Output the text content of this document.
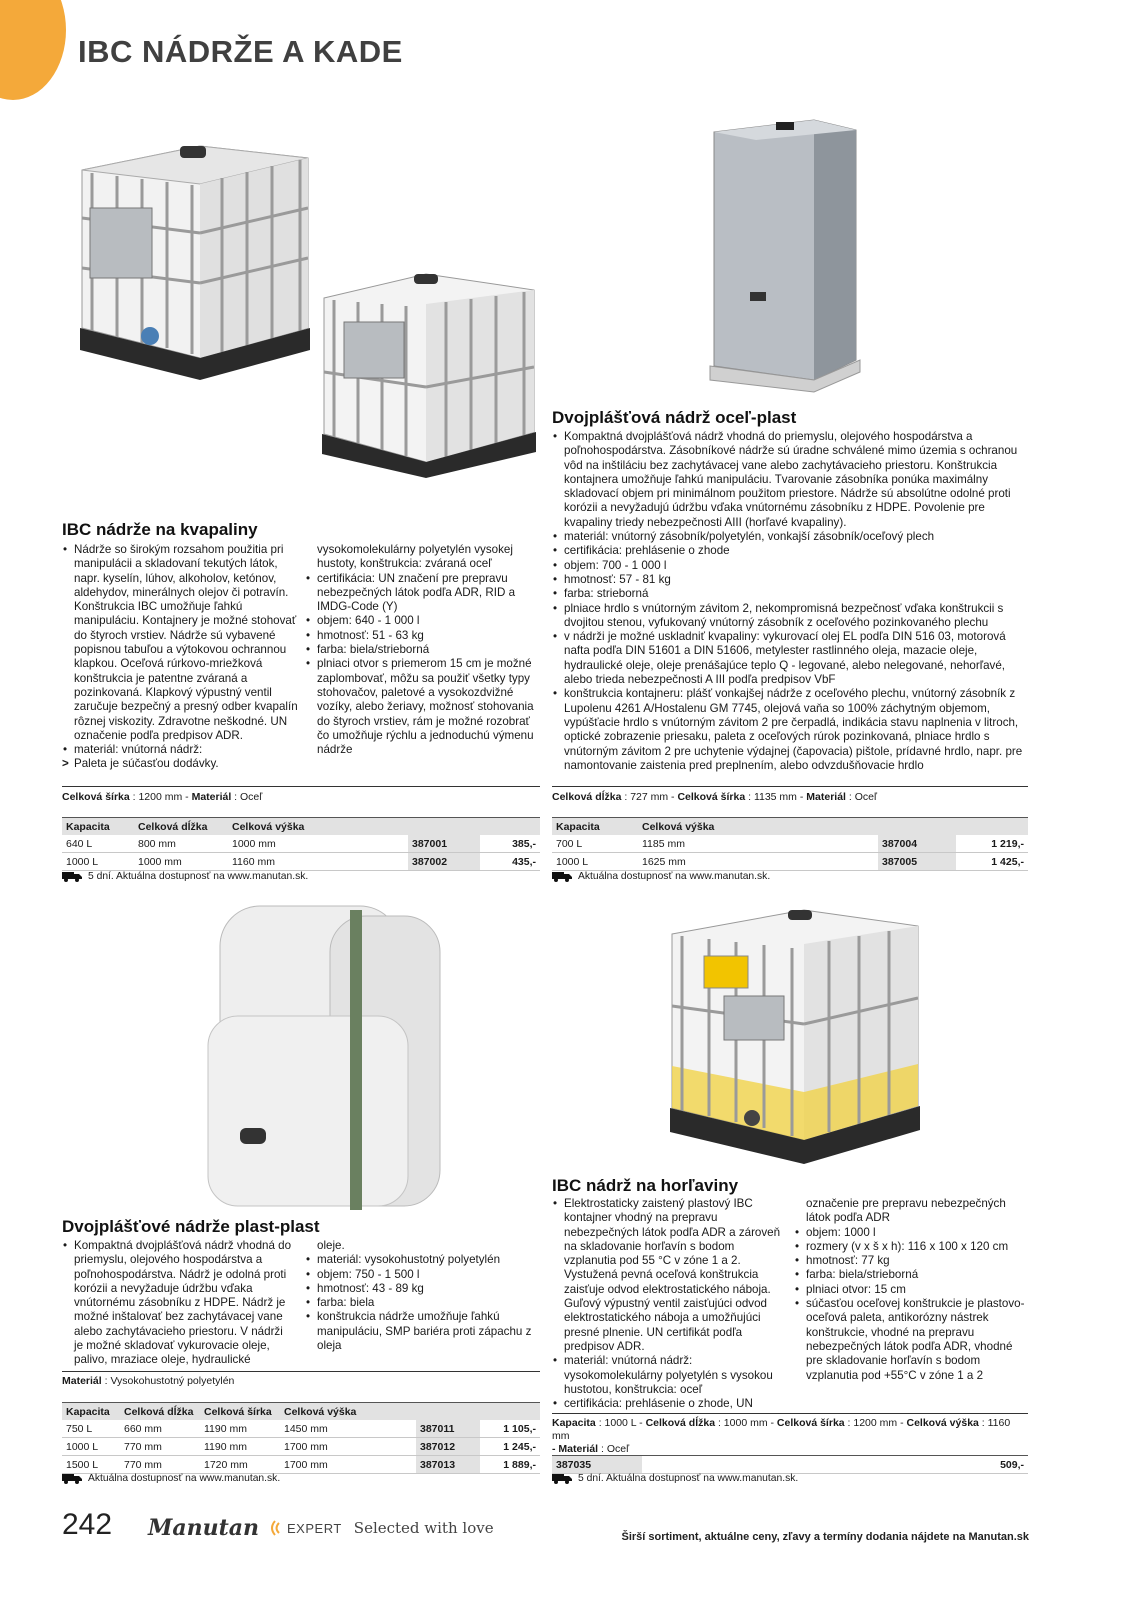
IBC NÁDRŽE A KADE
IBC nádrže na kvapaliny
• Nádrže so širokým rozsahom použitia pri manipulácii a skladovaní tekutých látok, napr. kyselín, lúhov, alkoholov, ketónov, aldehydov, minerálnych olejov či potravín. Konštrukcia IBC umožňuje ľahkú manipuláciu. Kontajnery je možné stohovať do štyroch vrstiev. Nádrže sú vybavené popisnou tabuľou a výtokovou ochrannou klapkou. Oceľová rúrkovo-mriežková konštrukcia je patentne zváraná a pozinkovaná. Klapkový výpustný ventil zaručuje bezpečný a presný odber kvapalín rôznej viskozity. Zdravotne neškodné. UN označenie podľa predpisov ADR.
• materiál: vnútorná nádrž:
> Paleta je súčasťou dodávky.
vysokomolekulárny polyetylén vysokej hustoty, konštrukcia: zváraná oceľ
• certifikácia: UN značení pre prepravu nebezpečných látok podľa ADR, RID a IMDG-Code (Y)
• objem: 640 - 1 000 l
• hmotnosť: 51 - 63 kg
• farba: biela/strieborná
• plniaci otvor s priemerom 15 cm je možné zaplombovať, môžu sa použiť všetky typy stohovačov, paletové a vysokozdvižné vozíky, alebo žeriavy, možnosť stohovania do štyroch vrstiev, rám je možné rozobrať čo umožňuje rýchlu a jednoduchú výmenu nádrže
Celková šírka : 1200 mm - Materiál : Oceľ
Kapacita	Celková dĺžka	Celková výška		
640 L	800 mm	1000 mm	387001	385,-
1000 L	1000 mm	1160 mm	387002	435,-
5 dní. Aktuálna dostupnosť na www.manutan.sk.
Dvojplášťová nádrž oceľ-plast
• Kompaktná dvojplášťová nádrž vhodná do priemyslu, olejového hospodárstva a poľnohospodárstva. Zásobníkové nádrže sú úradne schválené mimo územia s ochranou vôd na inštiláciu bez zachytávacej vane alebo zachytávacieho priestoru. Konštrukcia kontajnera umožňuje ľahkú manipuláciu. Tvarovanie zásobníka ponúka maximálny skladovací objem pri minimálnom použitom priestore. Nádrže sú absolútne odolné proti korózii a nevyžadujú údržbu vďaka vnútornému zásobníku z HDPE. Povolenie pre kvapaliny triedy nebezpečnosti AIII (horľavé kvapaliny).
• materiál: vnútorný zásobník/polyetylén, vonkajší zásobník/oceľový plech
• certifikácia: prehlásenie o zhode
• objem: 700 - 1 000 l
• hmotnosť: 57 - 81 kg
• farba: strieborná
• plniace hrdlo s vnútorným závitom 2, nekompromisná bezpečnosť vďaka konštrukcii s dvojitou stenou, vyfukovaný vnútorný zásobník z oceľového pozinkovaného plechu
• v nádrži je možné uskladniť kvapaliny: vykurovací olej EL podľa DIN 516 03, motorová nafta podľa DIN 51601 a DIN 51606, metylester rastlinného oleja, mazacie oleje, hydraulické oleje, oleje prenášajúce teplo Q - legované, alebo nelegované, nehorľavé, alebo trieda nebezpečnosti A III podľa predpisov VbF
• konštrukcia kontajneru: plášť vonkajšej nádrže z oceľového plechu, vnútorný zásobník z Lupolenu 4261 A/Hostalenu GM 7745, olejová vaňa so 100% záchytným objemom, vypúšťacie hrdlo s vnútorným závitom 2 pre čerpadlá, indikácia stavu naplnenia v litroch, optické zobrazenie priesaku, paleta z oceľových rúrok pozinkovaná, plniace hrdlo s vnútorným závitom 2 pre uchytenie výdajnej (čapovacia) pištole, prídavné hrdlo, napr. pre namontovanie zaistenia pred preplnením, alebo odvzdušňovacie hrdlo
Celková dĺžka : 727 mm - Celková šírka : 1135 mm - Materiál : Oceľ
Kapacita	Celková výška		
700 L	1185 mm	387004	1 219,-
1000 L	1625 mm	387005	1 425,-
Aktuálna dostupnosť na www.manutan.sk.
Dvojplášťové nádrže plast-plast
• Kompaktná dvojplášťová nádrž vhodná do priemyslu, olejového hospodárstva a poľnohospodárstva. Nádrž je odolná proti korózii a nevyžaduje údržbu vďaka vnútornému zásobníku z HDPE. Nádrž je možné inštalovať bez zachytávacej vane alebo zachytávacieho priestoru. V nádrži je možné skladovať vykurovacie oleje, palivo, mraziace oleje, hydraulické
oleje.
• materiál: vysokohustotný polyetylén
• objem: 750 - 1 500 l
• hmotnosť: 43 - 89 kg
• farba: biela
• konštrukcia nádrže umožňuje ľahkú manipuláciu, SMP bariéra proti zápachu z oleja
Materiál : Vysokohustotný polyetylén
Kapacita	Celková dĺžka	Celková šírka	Celková výška		
750 L	660 mm	1190 mm	1450 mm	387011	1 105,-
1000 L	770 mm	1190 mm	1700 mm	387012	1 245,-
1500 L	770 mm	1720 mm	1700 mm	387013	1 889,-
Aktuálna dostupnosť na www.manutan.sk.
IBC nádrž na horľaviny
• Elektrostaticky zaistený plastový IBC kontajner vhodný na prepravu nebezpečných látok podľa ADR a zároveň na skladovanie horľavín s bodom vzplanutia pod 55 °C v zóne 1 a 2. Vystužená pevná oceľová konštrukcia zaisťuje odvod elektrostatického náboja. Guľový výpustný ventil zaisťujúci odvod elektrostatického náboja a umožňujúci presné plnenie. UN certifikát podľa predpisov ADR.
• materiál: vnútorná nádrž: vysokomolekulárny polyetylén s vysokou hustotou, konštrukcia: oceľ
• certifikácia: prehlásenie o zhode, UN
označenie pre prepravu nebezpečných látok podľa ADR
• objem: 1000 l
• rozmery (v x š x h): 116 x 100 x 120 cm
• hmotnosť: 77 kg
• farba: biela/strieborná
• plniaci otvor: 15 cm
• súčasťou oceľovej konštrukcie je plastovo-oceľová paleta, antikorózny nástrek konštrukcie, vhodné na prepravu nebezpečných látok podľa ADR, vhodné pre skladovanie horľavín s bodom vzplanutia pod +55°C v zóne 1 a 2
Kapacita : 1000 L - Celková dĺžka : 1000 mm - Celková šírka : 1200 mm - Celková výška : 1160 mm
- Materiál : Oceľ
387035	509,-
5 dní. Aktuálna dostupnosť na www.manutan.sk.
242 Manutan EXPERT Selected with love	Širší sortiment, aktuálne ceny, zľavy a termíny dodania nájdete na Manutan.sk
